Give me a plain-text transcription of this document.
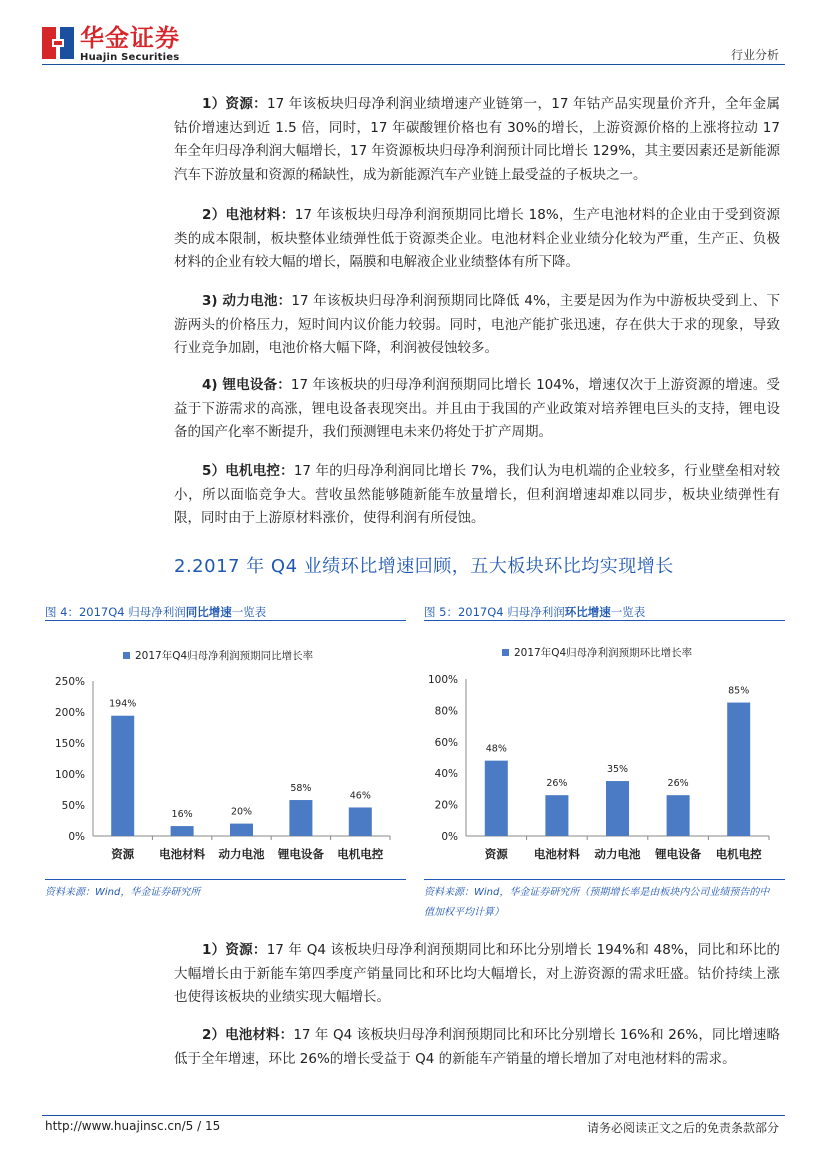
华金证券
Huajin Securities	行业分析
1）资源：17 年该板块归母净利润业绩增速产业链第一，17 年钴产品实现量价齐升，全年金属钴价增速达到近 1.5 倍，同时，17 年碳酸锂价格也有 30%的增长，上游资源价格的上涨将拉动 17 年全年归母净利润大幅增长，17 年资源板块归母净利润预计同比增长 129%，其主要因素还是新能源汽车下游放量和资源的稀缺性，成为新能源汽车产业链上最受益的子板块之一。
2）电池材料：17 年该板块归母净利润预期同比增长 18%，生产电池材料的企业由于受到资源类的成本限制，板块整体业绩弹性低于资源类企业。电池材料企业业绩分化较为严重，生产正、负极材料的企业有较大幅的增长，隔膜和电解液企业业绩整体有所下降。
3) 动力电池：17 年该板块归母净利润预期同比降低 4%，主要是因为作为中游板块受到上、下游两头的价格压力，短时间内议价能力较弱。同时，电池产能扩张迅速，存在供大于求的现象，导致行业竞争加剧，电池价格大幅下降，利润被侵蚀较多。
4) 锂电设备：17 年该板块的归母净利润预期同比增长 104%，增速仅次于上游资源的增速。受益于下游需求的高涨，锂电设备表现突出。并且由于我国的产业政策对培养锂电巨头的支持，锂电设备的国产化率不断提升，我们预测锂电未来仍将处于扩产周期。
5）电机电控：17 年的归母净利润同比增长 7%，我们认为电机端的企业较多，行业壁垒相对较小，所以面临竞争大。营收虽然能够随新能车放量增长，但利润增速却难以同步，板块业绩弹性有限，同时由于上游原材料涨价，使得利润有所侵蚀。
2.2017 年 Q4 业绩环比增速回顾，五大板块环比均实现增长
图 4：2017Q4 归母净利润同比增速一览表	图 5：2017Q4 归母净利润环比增速一览表
2017年Q4归母净利润预期同比增长率
0%
50%
100%
150%
200%
250%
194%
资源
16%
电池材料
20%
动力电池
58%
锂电设备
46%
电机电控
2017年Q4归母净利润预期环比增长率
0%
20%
40%
60%
80%
100%
48%
资源
26%
电池材料
35%
动力电池
26%
锂电设备
85%
电机电控
资料来源：Wind，华金证券研究所	资料来源：Wind，华金证券研究所（预期增长率是由板块内公司业绩预告的中
值加权平均计算）
1）资源：17 年 Q4 该板块归母净利润预期同比和环比分别增长 194%和 48%，同比和环比的大幅增长由于新能车第四季度产销量同比和环比均大幅增长，对上游资源的需求旺盛。钴价持续上涨也使得该板块的业绩实现大幅增长。
2）电池材料：17 年 Q4 该板块归母净利润预期同比和环比分别增长 16%和 26%，同比增速略低于全年增速，环比 26%的增长受益于 Q4 的新能车产销量的增长增加了对电池材料的需求。
http://www.huajinsc.cn/5 / 15	请务必阅读正文之后的免责条款部分
